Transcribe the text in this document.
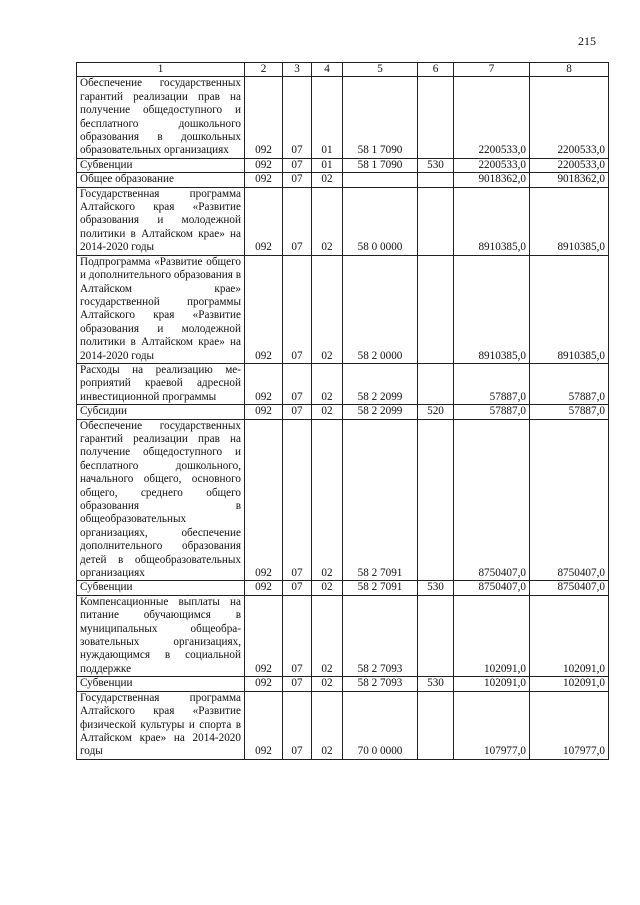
215
1	2	3	4	5	6	7	8
Обеспечение государственных гарантий реализации прав на получение общедоступного и бесплатного дошкольного образования в дошкольных образовательных организациях	092	07	01	58 1 7090		2200533,0	2200533,0
Субвенции	092	07	01	58 1 7090	530	2200533,0	2200533,0
Общее образование	092	07	02			9018362,0	9018362,0
Государственная программа Алтайского края «Развитие образования и молодежной политики в Алтайском крае» на 2014-2020 годы	092	07	02	58 0 0000		8910385,0	8910385,0
Подпрограмма «Развитие общего и дополнительного образования в Алтайском крае» государственной программы Алтайского края «Развитие образования и молодежной политики в Алтайском крае» на 2014-2020 годы	092	07	02	58 2 0000		8910385,0	8910385,0
Расходы на реализацию мероприятий краевой адресной инвестиционной программы	092	07	02	58 2 2099		57887,0	57887,0
Субсидии	092	07	02	58 2 2099	520	57887,0	57887,0
Обеспечение государственных гарантий реализации прав на получение общедоступного и бесплатного дошкольного, начального общего, основного общего, среднего общего образования в общеобразовательных организациях, обеспечение дополнительного образования детей в общеобразовательных организациях	092	07	02	58 2 7091		8750407,0	8750407,0
Субвенции	092	07	02	58 2 7091	530	8750407,0	8750407,0
Компенсационные выплаты на питание обучающимся в муниципальных общеобразовательных организациях, нуждающимся в социальной поддержке	092	07	02	58 2 7093		102091,0	102091,0
Субвенции	092	07	02	58 2 7093	530	102091,0	102091,0
Государственная программа Алтайского края «Развитие физической культуры и спорта в Алтайском крае» на 2014-2020 годы	092	07	02	70 0 0000		107977,0	107977,0
